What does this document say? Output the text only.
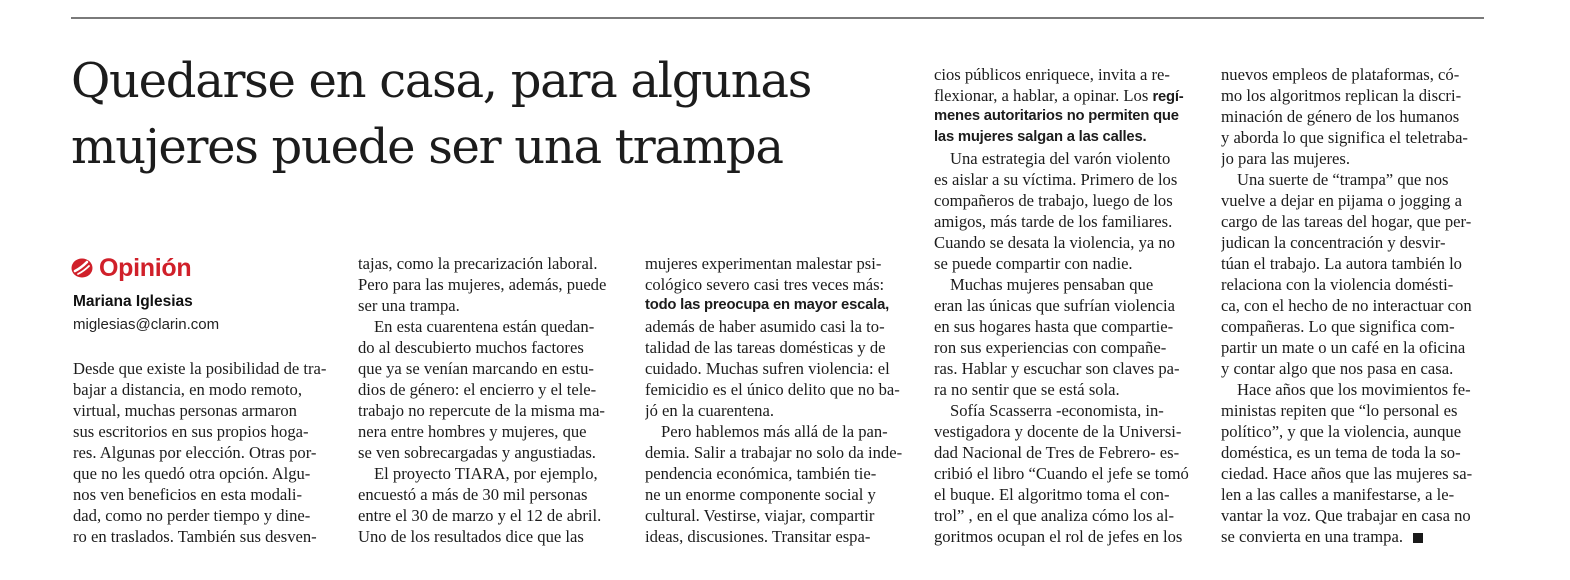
Quedarse en casa, para algunas
mujeres puede ser una trampa
Opinión
Mariana Iglesias
miglesias@clarin.com
Desde que existe la posibilidad de tra-
bajar a distancia, en modo remoto,
virtual, muchas personas armaron
sus escritorios en sus propios hoga-
res. Algunas por elección. Otras por-
que no les quedó otra opción. Algu-
nos ven beneficios en esta modali-
dad, como no perder tiempo y dine-
ro en traslados. También sus desven-
tajas, como la precarización laboral.
Pero para las mujeres, además, puede
ser una trampa.
En esta cuarentena están quedan-
do al descubierto muchos factores
que ya se venían marcando en estu-
dios de género: el encierro y el tele-
trabajo no repercute de la misma ma-
nera entre hombres y mujeres, que
se ven sobrecargadas y angustiadas.
El proyecto TIARA, por ejemplo,
encuestó a más de 30 mil personas
entre el 30 de marzo y el 12 de abril.
Uno de los resultados dice que las
mujeres experimentan malestar psi-
cológico severo casi tres veces más:
todo las preocupa en mayor escala,
además de haber asumido casi la to-
talidad de las tareas domésticas y de
cuidado. Muchas sufren violencia: el
femicidio es el único delito que no ba-
jó en la cuarentena.
Pero hablemos más allá de la pan-
demia. Salir a trabajar no solo da inde-
pendencia económica, también tie-
ne un enorme componente social y
cultural. Vestirse, viajar, compartir
ideas, discusiones. Transitar espa-
cios públicos enriquece, invita a re-
flexionar, a hablar, a opinar. Los regí-
menes autoritarios no permiten que
las mujeres salgan a las calles.
Una estrategia del varón violento
es aislar a su víctima. Primero de los
compañeros de trabajo, luego de los
amigos, más tarde de los familiares.
Cuando se desata la violencia, ya no
se puede compartir con nadie.
Muchas mujeres pensaban que
eran las únicas que sufrían violencia
en sus hogares hasta que compartie-
ron sus experiencias con compañe-
ras. Hablar y escuchar son claves pa-
ra no sentir que se está sola.
Sofía Scasserra -economista, in-
vestigadora y docente de la Universi-
dad Nacional de Tres de Febrero- es-
cribió el libro “Cuando el jefe se tomó
el buque. El algoritmo toma el con-
trol” , en el que analiza cómo los al-
goritmos ocupan el rol de jefes en los
nuevos empleos de plataformas, có-
mo los algoritmos replican la discri-
minación de género de los humanos
y aborda lo que significa el teletraba-
jo para las mujeres.
Una suerte de “trampa” que nos
vuelve a dejar en pijama o jogging a
cargo de las tareas del hogar, que per-
judican la concentración y desvir-
túan el trabajo. La autora también lo
relaciona con la violencia domésti-
ca, con el hecho de no interactuar con
compañeras. Lo que significa com-
partir un mate o un café en la oficina
y contar algo que nos pasa en casa.
Hace años que los movimientos fe-
ministas repiten que “lo personal es
político”, y que la violencia, aunque
doméstica, es un tema de toda la so-
ciedad. Hace años que las mujeres sa-
len a las calles a manifestarse, a le-
vantar la voz. Que trabajar en casa no
se convierta en una trampa.
